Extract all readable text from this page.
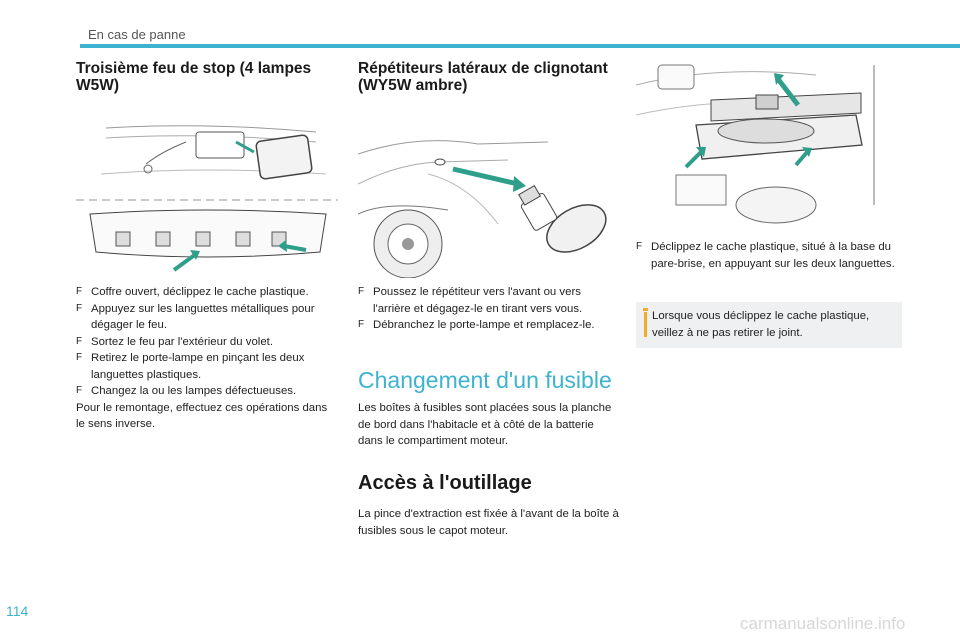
En cas de panne
Troisième feu de stop (4 lampes W5W)
F Coffre ouvert, déclippez le cache plastique.
F Appuyez sur les languettes métalliques pour dégager le feu.
F Sortez le feu par l'extérieur du volet.
F Retirez le porte-lampe en pinçant les deux languettes plastiques.
F Changez la ou les lampes défectueuses.
Pour le remontage, effectuez ces opérations dans le sens inverse.
Répétiteurs latéraux de clignotant (WY5W ambre)
F Poussez le répétiteur vers l'avant ou vers l'arrière et dégagez-le en tirant vers vous.
F Débranchez le porte-lampe et remplacez-le.
Changement d'un fusible
Les boîtes à fusibles sont placées sous la planche de bord dans l'habitacle et à côté de la batterie dans le compartiment moteur.
Accès à l'outillage
La pince d'extraction est fixée à l'avant de la boîte à fusibles sous le capot moteur.
F Déclippez le cache plastique, situé à la base du pare-brise, en appuyant sur les deux languettes.
Lorsque vous déclippez le cache plastique, veillez à ne pas retirer le joint.
114
carmanualsonline.info
